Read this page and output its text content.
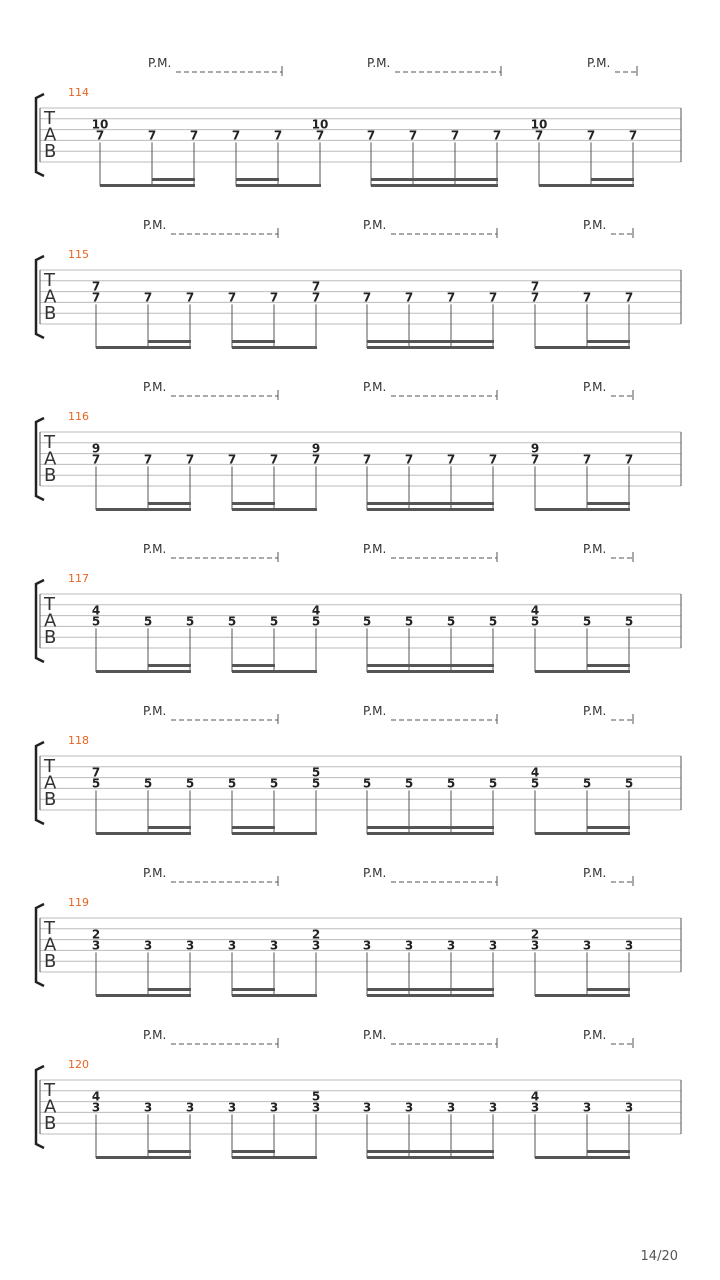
P.M.	P.M.	P.M.
114
T
A
B
7
10
7	7	7	7	7
10
7	7	7	7	7
10
7	7
P.M.	P.M.	P.M.
115
T
A
B
7
7
7	7	7	7	7
7
7	7	7	7	7
7
7	7
P.M.	P.M.	P.M.
116
T
A
B
7
9
7	7	7	7	7
9
7	7	7	7	7
9
7	7
P.M.	P.M.	P.M.
117
T
A
B
5
4
5	5	5	5	5
4
5	5	5	5	5
4
5	5
P.M.	P.M.	P.M.
118
T
A
B
5
7
5	5	5	5	5
5
5	5	5	5	5
4
5	5
P.M.	P.M.	P.M.
119
T
A
B
3
2
3	3	3	3	3
2
3	3	3	3	3
2
3	3
P.M.	P.M.	P.M.
120
T
A
B
3
4
3	3	3	3	3
5
3	3	3	3	3
4
3	3
14/20
